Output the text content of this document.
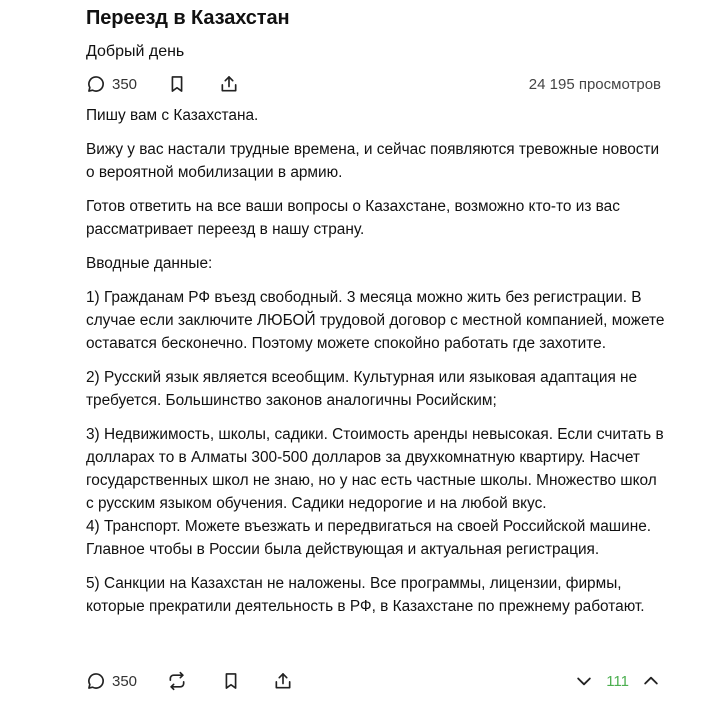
Переезд в Казахстан
Добрый день
350	24 195 просмотров

Пишу вам с Казахстана.

Вижу у вас настали трудные времена, и сейчас появляются тревожные новости о вероятной мобилизации в армию.

Готов ответить на все ваши вопросы о Казахстане, возможно кто-то из вас рассматривает переезд в нашу страну.

Вводные данные:

1) Гражданам РФ въезд свободный. 3 месяца можно жить без регистрации. В случае если заключите ЛЮБОЙ трудовой договор с местной компанией, можете оставатся бесконечно. Поэтому можете спокойно работать где захотите.

2) Русский язык является всеобщим. Культурная или языковая адаптация не требуется. Большинство законов аналогичны Росийским;

3) Недвижимость, школы, садики. Стоимость аренды невысокая. Если считать в долларах то в Алматы 300-500 долларов за двухкомнатную квартиру. Насчет государственных школ не знаю, но у нас есть частные школы. Множество школ с русским языком обучения. Садики недорогие и на любой вкус.

4) Транспорт. Можете въезжать и передвигаться на своей Российской машине. Главное чтобы в России была действующая и актуальная регистрация.

5) Санкции на Казахстан не наложены. Все программы, лицензии, фирмы, которые прекратили деятельность в РФ, в Казахстане по прежнему работают.

350	111
